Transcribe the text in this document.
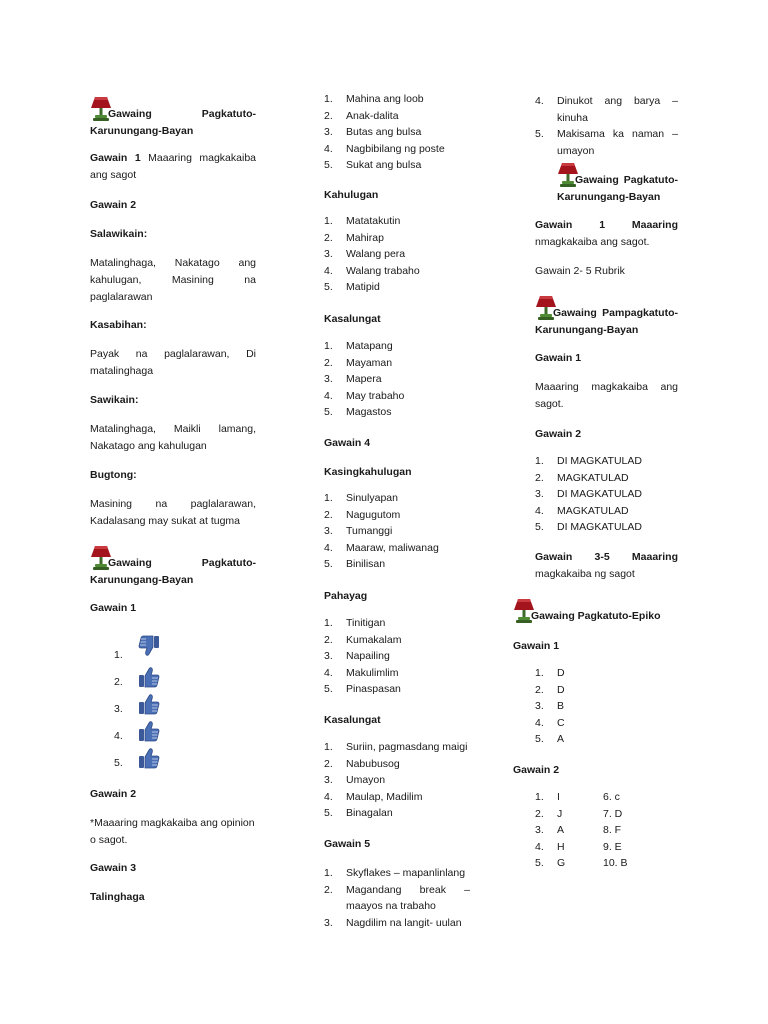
Gawaing	Pagkatuto-
Karunungang-Bayan
Gawain 1 Maaaring magkakaiba
ang sagot
Gawain 2
Salawikain:
Matalinghaga, Nakatago ang
kahulugan, Masining na
paglalarawan
Kasabihan:
Payak na paglalarawan, Di
matalinghaga
Sawikain:
Matalinghaga, Maikli lamang,
Nakatago ang kahulugan
Bugtong:
Masining na paglalarawan,
Kadalasang may sukat at tugma
Gawaing	Pagkatuto-
Karunungang-Bayan
Gawain 1
1.
2.
3.
4.
5.
Gawain 2
*Maaaring magkakaiba ang opinion
o sagot.
Gawain 3
Talinghaga
1. Mahina ang loob
2. Anak-dalita
3. Butas ang bulsa
4. Nagbibilang ng poste
5. Sukat ang bulsa
Kahulugan
1. Matatakutin
2. Mahirap
3. Walang pera
4. Walang trabaho
5. Matipid
Kasalungat
1. Matapang
2. Mayaman
3. Mapera
4. May trabaho
5. Magastos
Gawain 4
Kasingkahulugan
1. Sinulyapan
2. Nagugutom
3. Tumanggi
4. Maaraw, maliwanag
5. Binilisan
Pahayag
1. Tinitigan
2. Kumakalam
3. Napailing
4. Makulimlim
5. Pinaspasan
Kasalungat
1. Suriin, pagmasdang maigi
2. Nabubusog
3. Umayon
4. Maulap, Madilim
5. Binagalan
Gawain 5
1. Skyflakes – mapanlinlang
2. Magandang break –
maayos na trabaho
3. Nagdilim na langit- uulan
4. Dinukot ang barya –
kinuha
5. Makisama ka naman –
umayon
Gawaing Pagkatuto-
Karunungang-Bayan
Gawain 1 Maaaring
nmagkakaiba ang sagot.
Gawain 2- 5 Rubrik
Gawaing Pampagkatuto-
Karunungang-Bayan
Gawain 1
Maaaring magkakaiba ang
sagot.
Gawain 2
1. DI MAGKATULAD
2. MAGKATULAD
3. DI MAGKATULAD
4. MAGKATULAD
5. DI MAGKATULAD
Gawain 3-5 Maaaring
magkakaiba ng sagot
Gawaing Pagkatuto-Epiko
Gawain 1
1. D
2. D
3. B
4. C
5. A
Gawain 2
1. I	6. c
2. J	7. D
3. A	8. F
4. H	9. E
5. G	10. B
